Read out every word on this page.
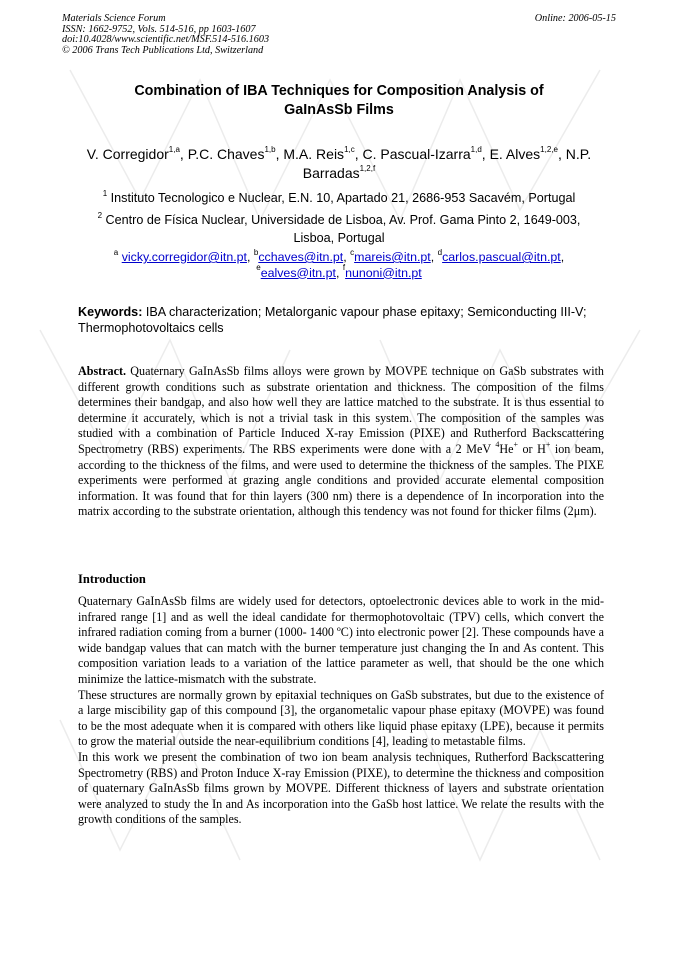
Materials Science Forum
ISSN: 1662-9752, Vols. 514-516, pp 1603-1607
doi:10.4028/www.scientific.net/MSF.514-516.1603
© 2006 Trans Tech Publications Ltd, Switzerland
Online: 2006-05-15
Combination of IBA Techniques for Composition Analysis of
GaInAsSb Films
V. Corregidor$^{1,a}$, P.C. Chaves$^{1,b}$, M.A. Reis$^{1,c}$, C. Pascual-Izarra$^{1,d}$, E. Alves$^{1,2,e}$, N.P. Barradas$^{1,2,f}$
$^1$ Instituto Tecnologico e Nuclear, E.N. 10, Apartado 21, 2686-953 Sacavém, Portugal
$^2$ Centro de Física Nuclear, Universidade de Lisboa, Av. Prof. Gama Pinto 2, 1649-003, Lisboa, Portugal
$^a$ vicky.corregidor@itn.pt, $^b$cchaves@itn.pt, $^c$mareis@itn.pt, $^d$carlos.pascual@itn.pt,
$^e$ealves@itn.pt, $^f$nunoni@itn.pt
Keywords: IBA characterization; Metalorganic vapour phase epitaxy; Semiconducting III-V; Thermophotovoltaics cells
Abstract. Quaternary GaInAsSb films alloys were grown by MOVPE technique on GaSb substrates with different growth conditions such as substrate orientation and thickness. The composition of the films determines their bandgap, and also how well they are lattice matched to the substrate. It is thus essential to determine it accurately, which is not a trivial task in this system. The composition of the samples was studied with a combination of Particle Induced X-ray Emission (PIXE) and Rutherford Backscattering Spectrometry (RBS) experiments. The RBS experiments were done with a 2 MeV $^4$He+ or H+ ion beam, according to the thickness of the films, and were used to determine the thickness of the samples. The PIXE experiments were performed at grazing angle conditions and provided accurate elemental composition information. It was found that for thin layers (300 nm) there is a dependence of In incorporation into the matrix according to the substrate orientation, although this tendency was not found for thicker films (2μm).
Introduction

Quaternary GaInAsSb films are widely used for detectors, optoelectronic devices able to work in the mid-infrared range [1] and as well the ideal candidate for thermophotovoltaic (TPV) cells, which convert the infrared radiation coming from a burner (1000- 1400 ºC) into electronic power [2]. These compounds have a wide bandgap values that can match with the burner temperature just changing the In and As content. This composition variation leads to a variation of the lattice parameter as well, that should be the one which minimize the lattice-mismatch with the substrate.

These structures are normally grown by epitaxial techniques on GaSb substrates, but due to the existence of a large miscibility gap of this compound [3], the organometalic vapour phase epitaxy (MOVPE) was found to be the most adequate when it is compared with others like liquid phase epitaxy (LPE), because it permits to grow the material outside the near-equilibrium conditions [4], leading to metastable films.

In this work we present the combination of two ion beam analysis techniques, Rutherford Backscattering Spectrometry (RBS) and Proton Induce X-ray Emission (PIXE), to determine the thickness and composition of quaternary GaInAsSb films grown by MOVPE. Different thickness of layers and substrate orientation were analyzed to study the In and As incorporation into the GaSb host lattice. We relate the results with the growth conditions of the samples.
